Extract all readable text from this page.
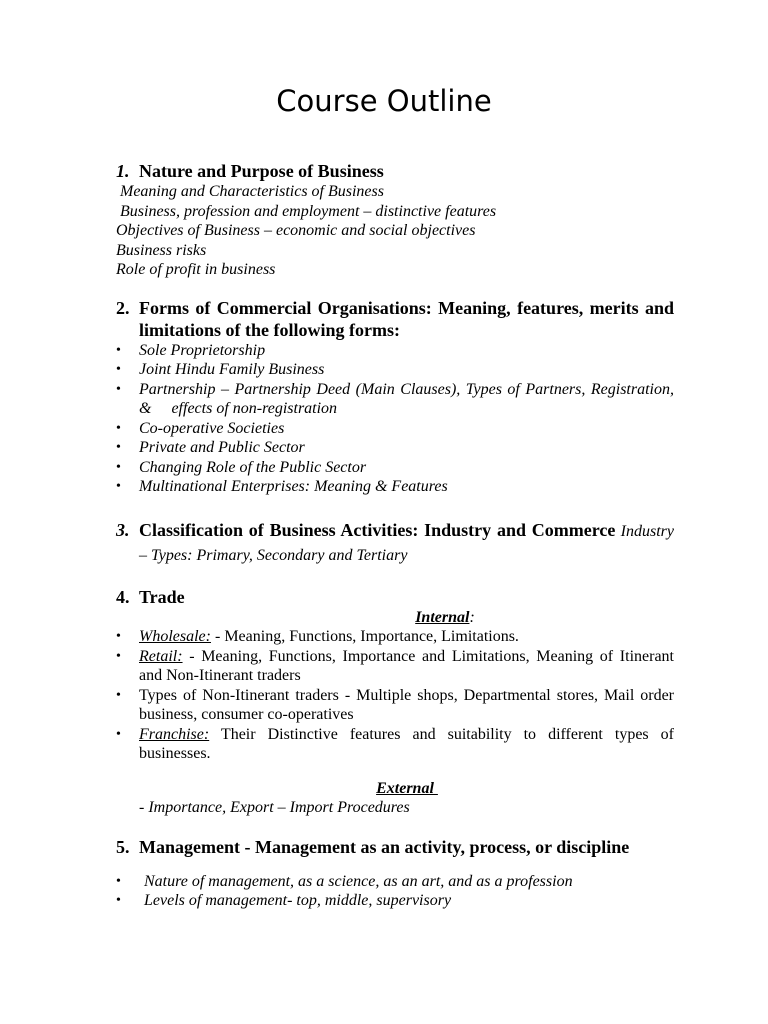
Course Outline
1. Nature and Purpose of Business

Meaning and Characteristics of Business

Business, profession and employment – distinctive features

Objectives of Business – economic and social objectives

Business risks

Role of profit in business

2. Forms of Commercial Organisations: Meaning, features, merits and limitations of the following forms:
•	Sole Proprietorship
•	Joint Hindu Family Business
•	Partnership – Partnership Deed (Main Clauses), Types of Partners, Registration, &     effects of non-registration
•	Co-operative Societies
•	Private and Public Sector
•	Changing Role of the Public Sector
•	Multinational Enterprises: Meaning & Features
3. Classification of Business Activities: Industry and Commerce Industry – Types: Primary, Secondary and Tertiary
4. Trade
Internal:
•	Wholesale: - Meaning, Functions, Importance, Limitations.
•	Retail: - Meaning, Functions, Importance and Limitations, Meaning of Itinerant and Non-Itinerant traders
•	Types of Non-Itinerant traders - Multiple shops, Departmental stores, Mail order business, consumer co-operatives
•	Franchise: Their Distinctive features and suitability to different types of businesses.
External
- Importance, Export – Import Procedures
5. Management - Management as an activity, process, or discipline
•	Nature of management, as a science, as an art, and as a profession
•	Levels of management- top, middle, supervisory
